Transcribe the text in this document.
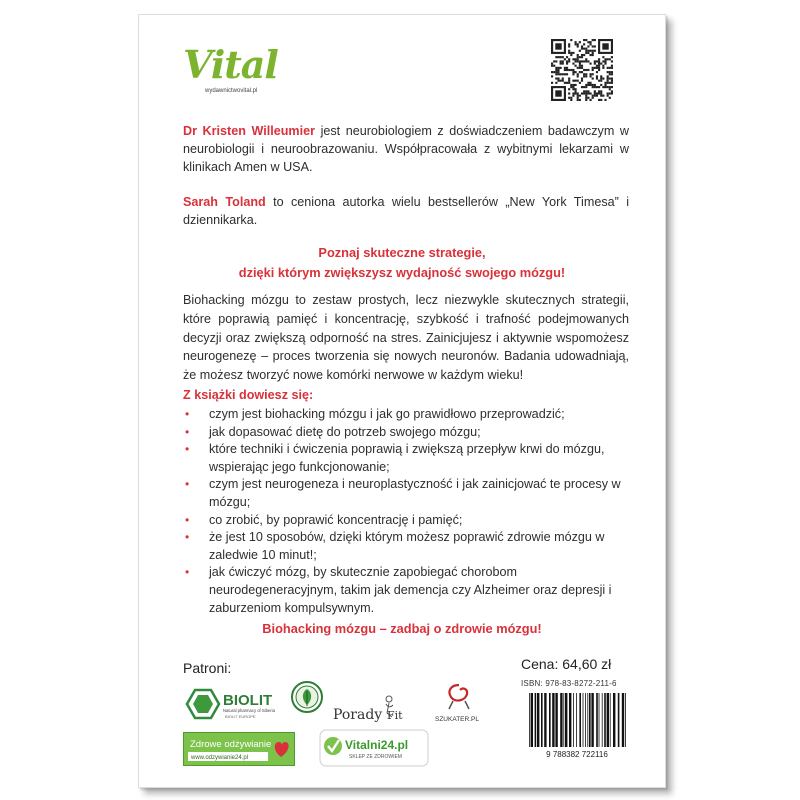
Vital
wydawnictwovital.pl
Dr Kristen Willeumier jest neurobiologiem z doświadczeniem badawczym w neurobiologii i neuroobrazowaniu. Współpracowała z wybitnymi lekarzami w klinikach Amen w USA.
Sarah Toland to ceniona autorka wielu bestsellerów „New York Timesa” i dziennikarka.
Poznaj skuteczne strategie,
dzięki którym zwiększysz wydajność swojego mózgu!
Biohacking mózgu to zestaw prostych, lecz niezwykle skutecznych strategii, które poprawią pamięć i koncentrację, szybkość i trafność podejmowanych decyzji oraz zwiększą odporność na stres. Zainicjujesz i aktywnie wspomożesz neurogenezę – proces tworzenia się nowych neuronów. Badania udowadniają, że możesz tworzyć nowe komórki nerwowe w każdym wieku!
Z książki dowiesz się:
• czym jest biohacking mózgu i jak go prawidłowo przeprowadzić;
• jak dopasować dietę do potrzeb swojego mózgu;
• które techniki i ćwiczenia poprawią i zwiększą przepływ krwi do mózgu, wspierając jego funkcjonowanie;
• czym jest neurogeneza i neuroplastyczność i jak zainicjować te procesy w mózgu;
• co zrobić, by poprawić koncentrację i pamięć;
• że jest 10 sposobów, dzięki którym możesz poprawić zdrowie mózgu w zaledwie 10 minut!;
• jak ćwiczyć mózg, by skutecznie zapobiegać chorobom neurodegeneracyjnym, takim jak demencja czy Alzheimer oraz depresji i zaburzeniom kompulsywnym.
Biohacking mózgu – zadbaj o zdrowie mózgu!
Patroni:
BIOLIT
Natural pharmacy of Siberia
BIOLIT EUROPE	Porady Fit	SZUKATER.PL
Zdrowe odżywianie
www.odzywianie24.pl
Vitalni24.pl
SKLEP ZE ZDROWIEM
Cena: 64,60 zł
ISBN: 978-83-8272-211-6
9 788382 722116
